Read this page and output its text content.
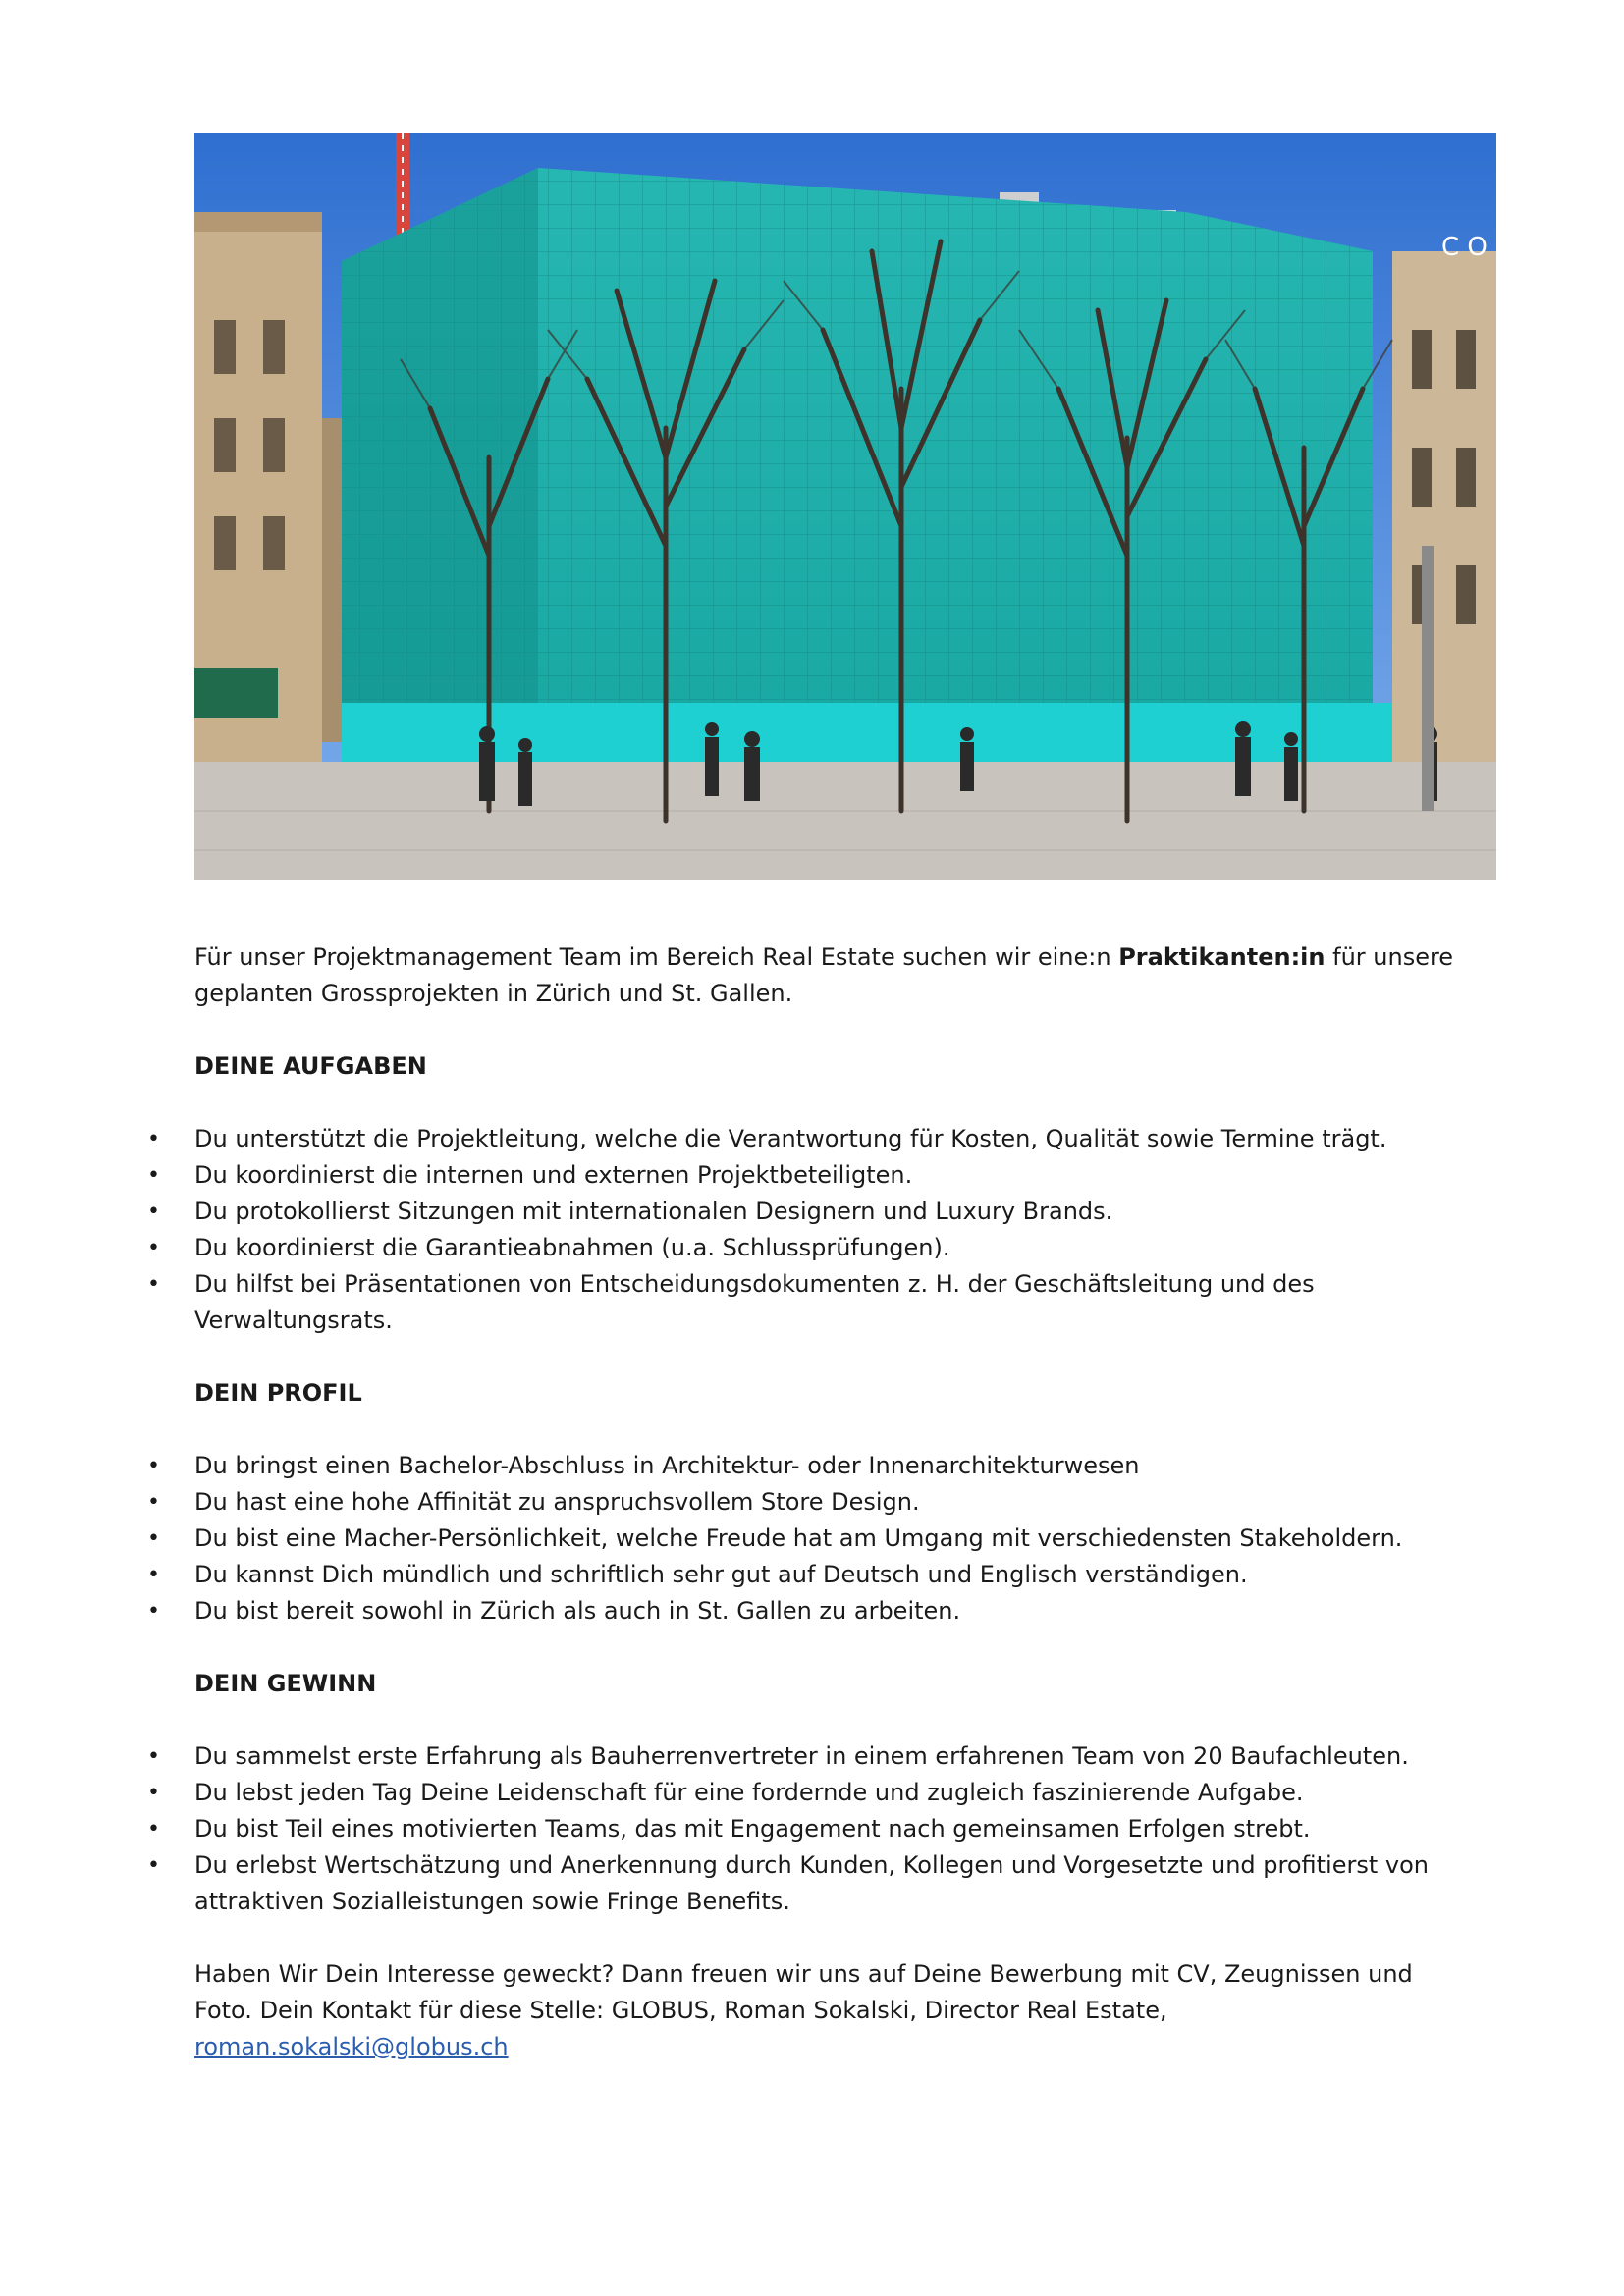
C O

Für unser Projektmanagement Team im Bereich Real Estate suchen wir eine:n Praktikanten:in für unsere geplanten Grossprojekten in Zürich und St. Gallen.

DEINE AUFGABEN
• Du unterstützt die Projektleitung, welche die Verantwortung für Kosten, Qualität sowie Termine trägt.
• Du koordinierst die internen und externen Projektbeteiligten.
• Du protokollierst Sitzungen mit internationalen Designern und Luxury Brands.
• Du koordinierst die Garantieabnahmen (u.a. Schlussprüfungen).
• Du hilfst bei Präsentationen von Entscheidungsdokumenten z. H. der Geschäftsleitung und des Verwaltungsrats.
DEIN PROFIL
• Du bringst einen Bachelor-Abschluss in Architektur- oder Innenarchitekturwesen
• Du hast eine hohe Affinität zu anspruchsvollem Store Design.
• Du bist eine Macher-Persönlichkeit, welche Freude hat am Umgang mit verschiedensten Stakeholdern.
• Du kannst Dich mündlich und schriftlich sehr gut auf Deutsch und Englisch verständigen.
• Du bist bereit sowohl in Zürich als auch in St. Gallen zu arbeiten.
DEIN GEWINN
• Du sammelst erste Erfahrung als Bauherrenvertreter in einem erfahrenen Team von 20 Baufachleuten.
• Du lebst jeden Tag Deine Leidenschaft für eine fordernde und zugleich faszinierende Aufgabe.
• Du bist Teil eines motivierten Teams, das mit Engagement nach gemeinsamen Erfolgen strebt.
• Du erlebst Wertschätzung und Anerkennung durch Kunden, Kollegen und Vorgesetzte und profitierst von attraktiven Sozialleistungen sowie Fringe Benefits.

Haben Wir Dein Interesse geweckt? Dann freuen wir uns auf Deine Bewerbung mit CV, Zeugnissen und Foto. Dein Kontakt für diese Stelle: GLOBUS, Roman Sokalski, Director Real Estate,
roman.sokalski@globus.ch
